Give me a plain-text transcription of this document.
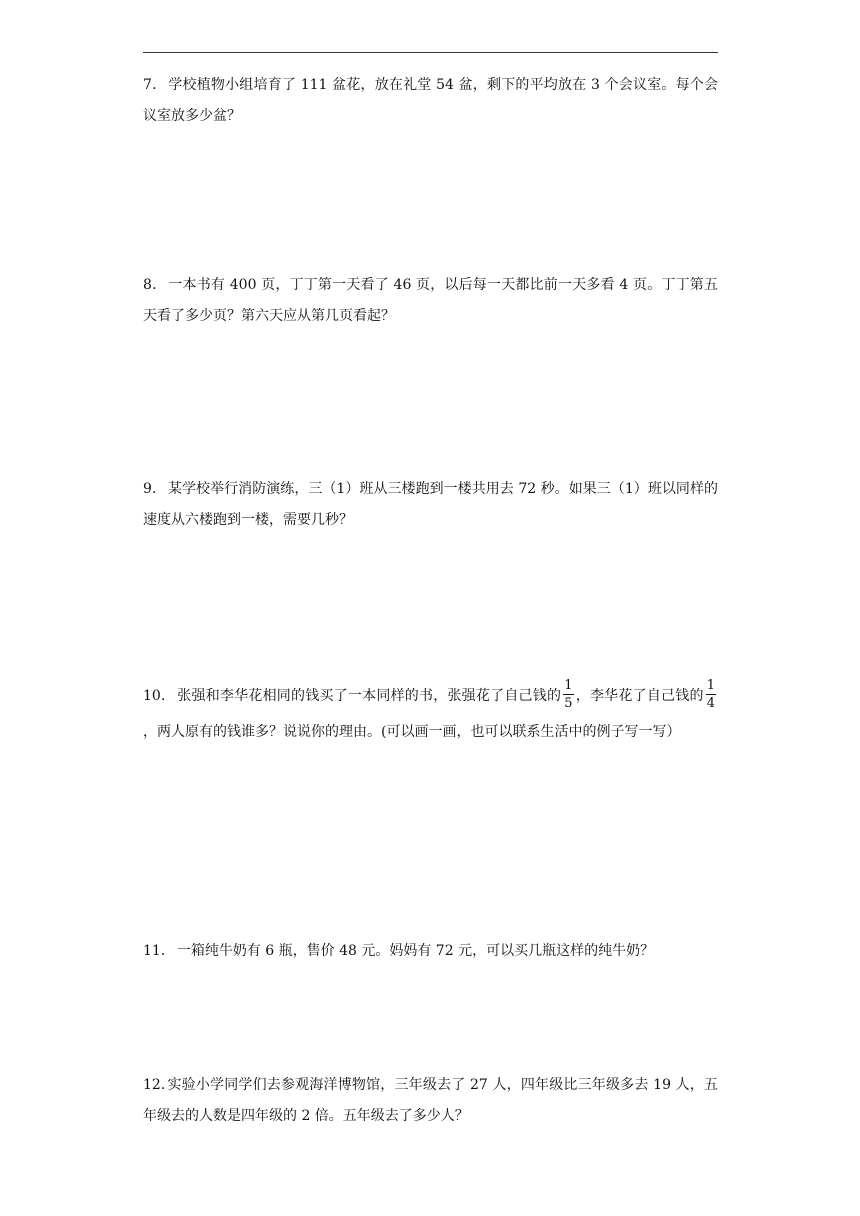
7． 学校植物小组培育了 111 盆花，放在礼堂 54 盆，剩下的平均放在 3 个会议室。每个会议室放多少盆？

8． 一本书有 400 页，丁丁第一天看了 46 页，以后每一天都比前一天多看 4 页。丁丁第五天看了多少页？第六天应从第几页看起？

9． 某学校举行消防演练，三（1）班从三楼跑到一楼共用去 72 秒。如果三（1）班以同样的速度从六楼跑到一楼，需要几秒？

10． 张强和李华花相同的钱买了一本同样的书，张强花了自己钱的 $\frac{1}{5}$ ，李华花了自己钱的 $\frac{1}{4}$
，两人原有的钱谁多？说说你的理由。(可以画一画，也可以联系生活中的例子写一写）

11． 一箱纯牛奶有 6 瓶，售价 48 元。妈妈有 72 元，可以买几瓶这样的纯牛奶？

12. 实验小学同学们去参观海洋博物馆，三年级去了 27 人，四年级比三年级多去 19 人，五年级去的人数是四年级的 2 倍。五年级去了多少人？
